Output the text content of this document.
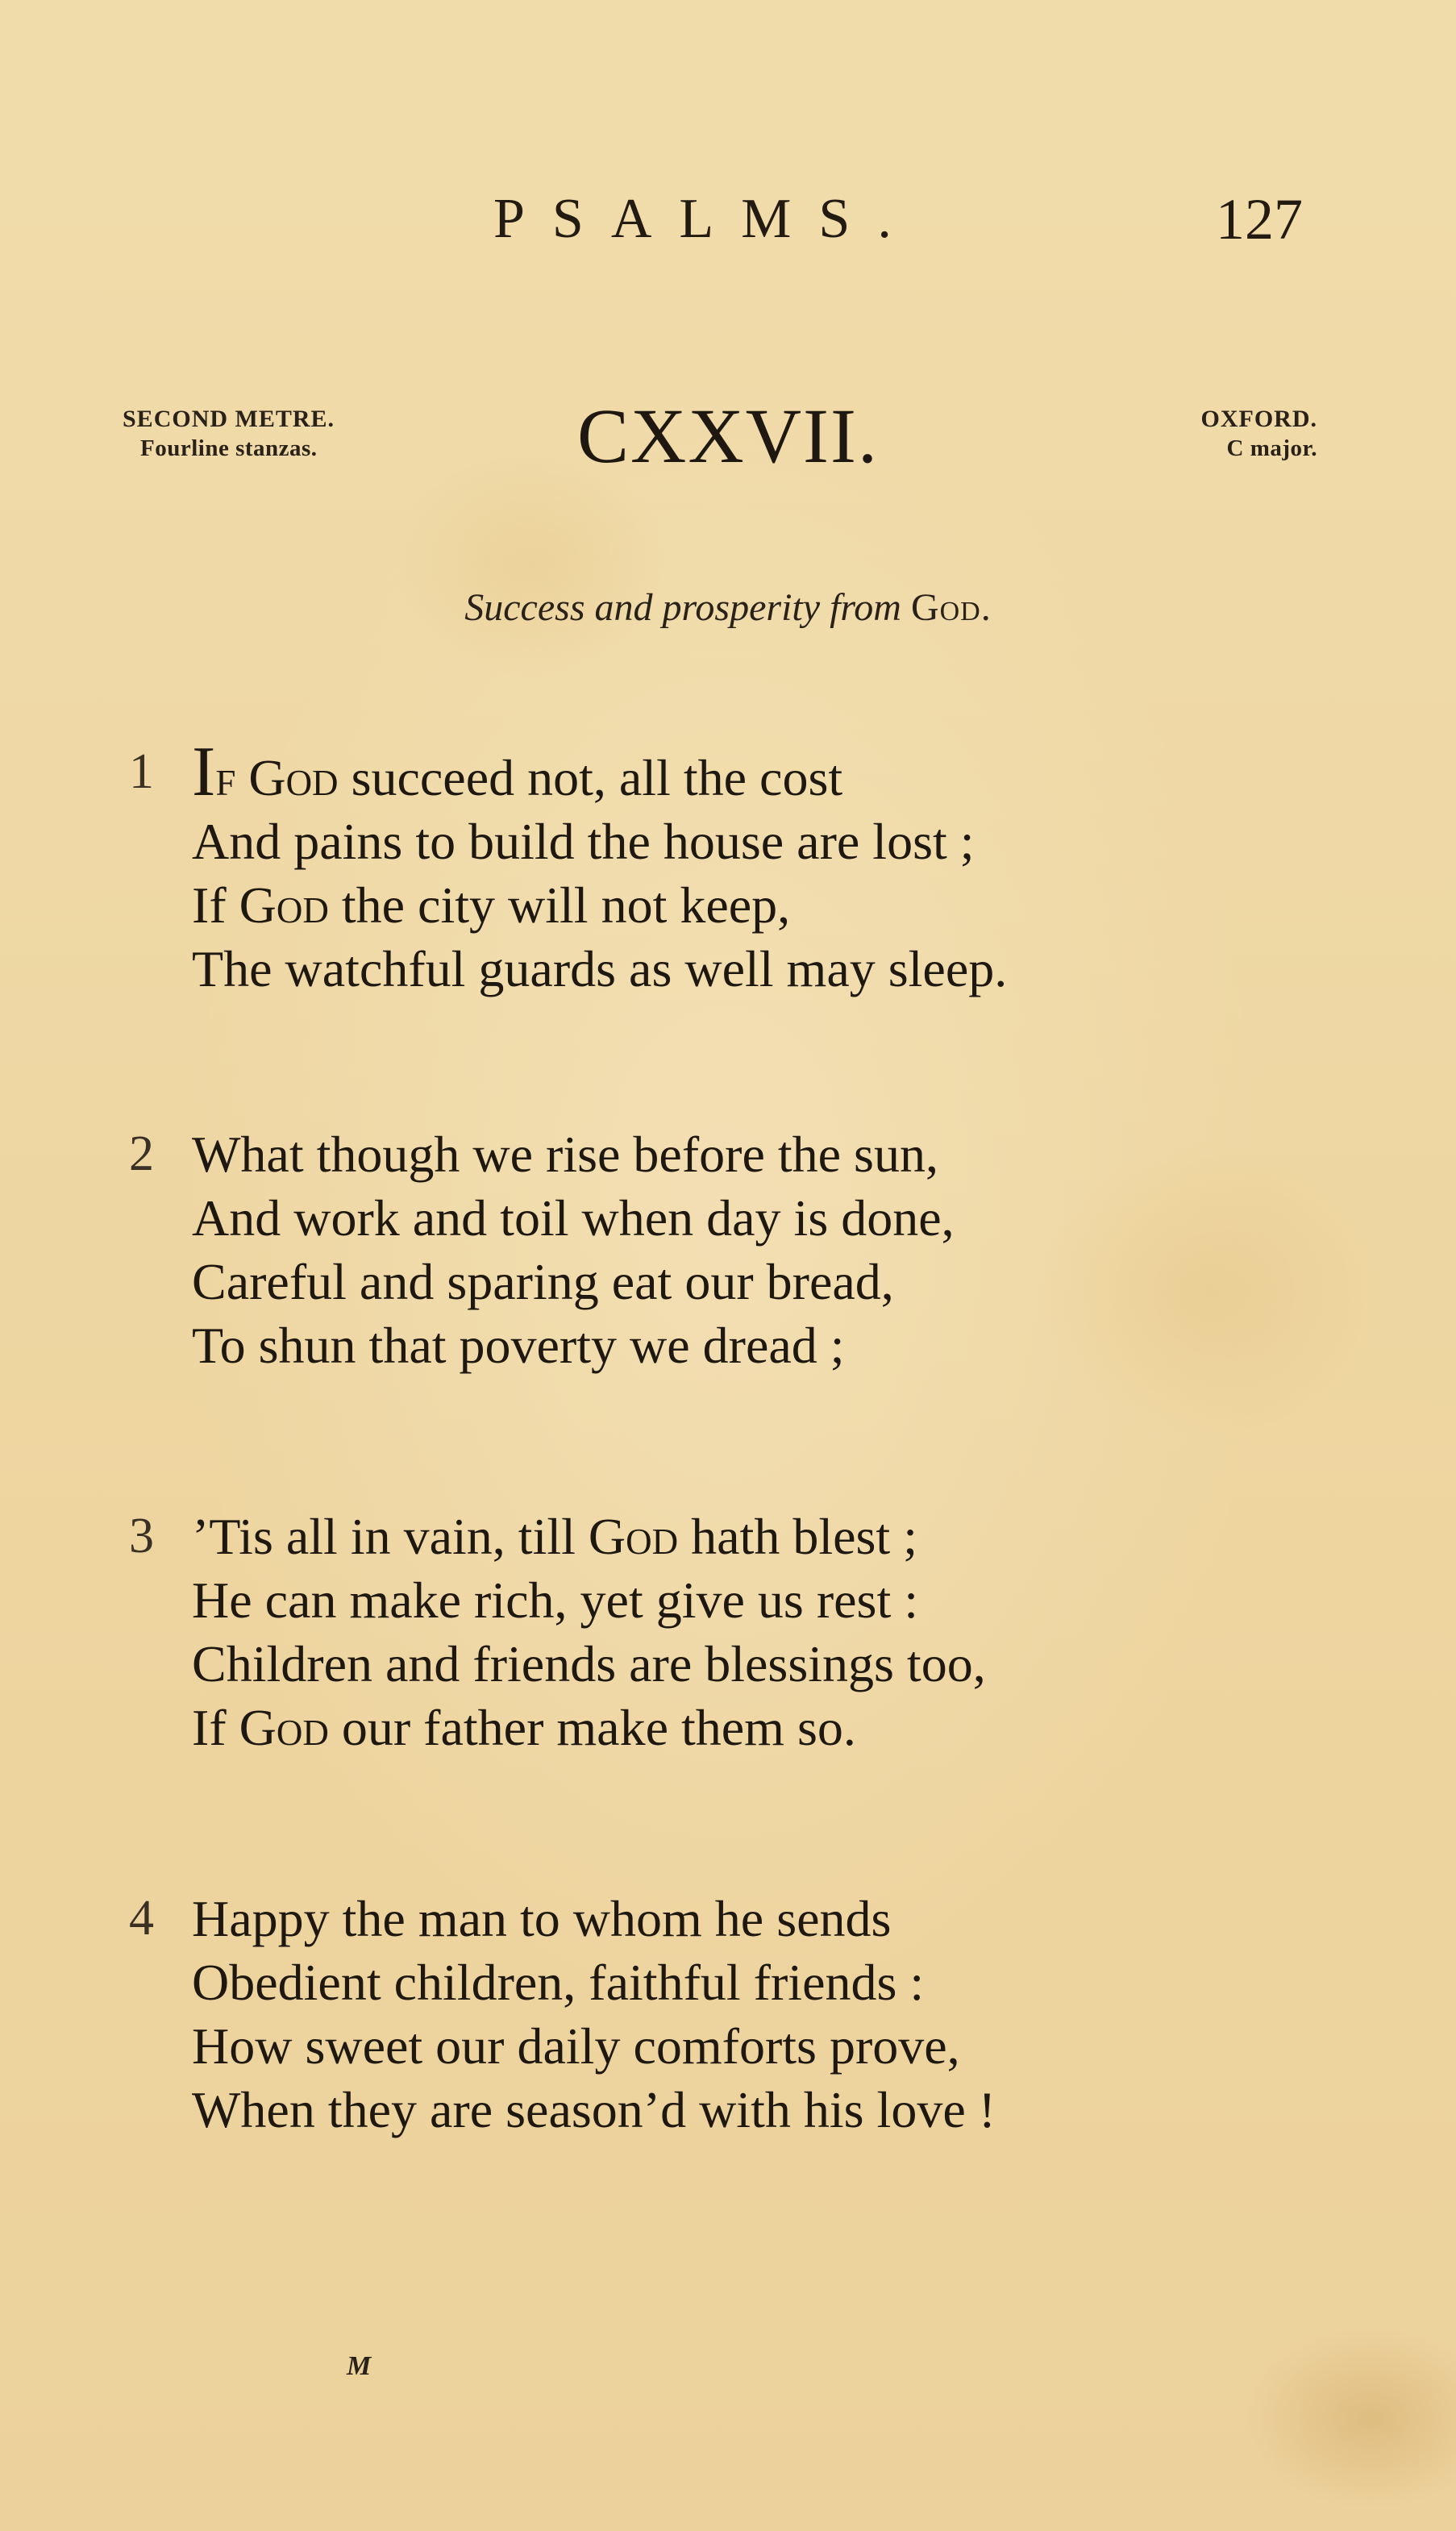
PSALMS.	127
SECOND METRE.
Fourline stanzas.	CXXVII.	OXFORD.
C major.
Success and prosperity from God.
1 If God succeed not, all the cost
And pains to build the house are lost ;
If God the city will not keep,
The watchful guards as well may sleep.
2 What though we rise before the sun,
And work and toil when day is done,
Careful and sparing eat our bread,
To shun that poverty we dread ;
3 ’Tis all in vain, till God hath blest ;
He can make rich, yet give us rest :
Children and friends are blessings too,
If God our father make them so.
4 Happy the man to whom he sends
Obedient children, faithful friends :
How sweet our daily comforts prove,
When they are season’d with his love !
M
